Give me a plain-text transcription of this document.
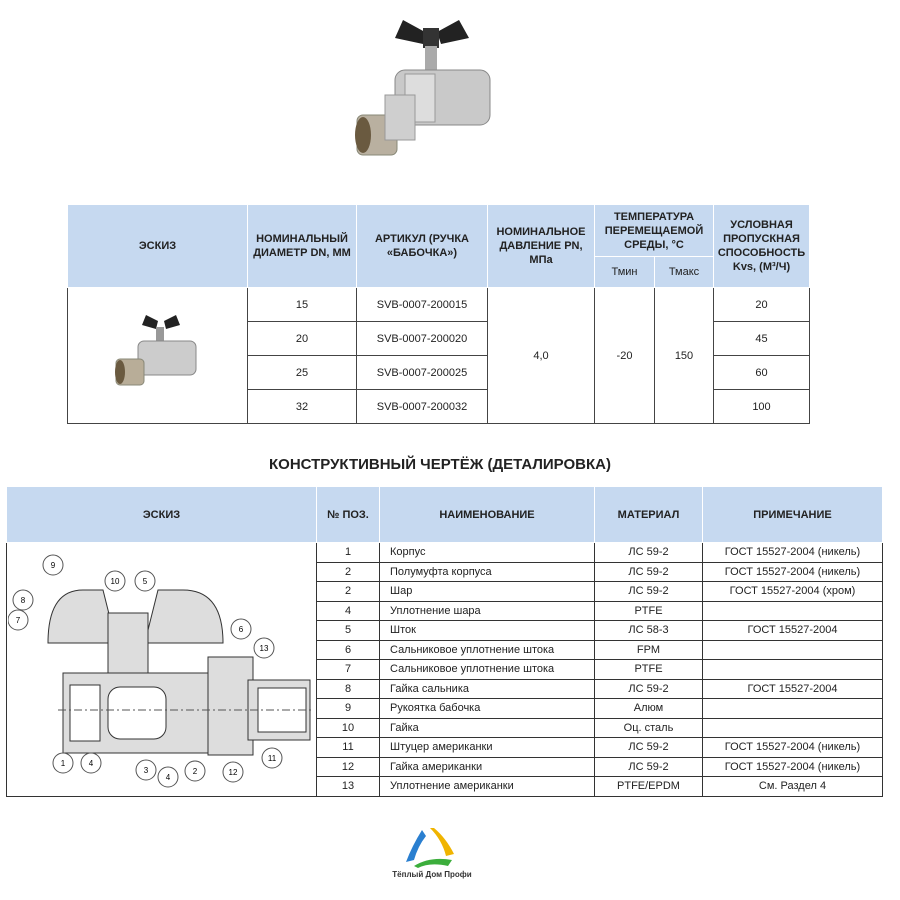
ЭСКИЗ	НОМИНАЛЬНЫЙ ДИАМЕТР DN, ММ	АРТИКУЛ (РУЧКА «БАБОЧКА»)	НОМИНАЛЬНОЕ ДАВЛЕНИЕ PN, МПа	ТЕМПЕРАТУРА ПЕРЕМЕЩАЕМОЙ СРЕДЫ, °С		УСЛОВНАЯ ПРОПУСКНАЯ СПОСОБНОСТЬ Kvs, (М³/Ч)
				Тмин	Тмакс	
	15	SVB-0007-200015	4,0	-20	150	20
	20	SVB-0007-200020				45
	25	SVB-0007-200025				60
	32	SVB-0007-200032				100
КОНСТРУКТИВНЫЙ ЧЕРТЁЖ (ДЕТАЛИРОВКА)
ЭСКИЗ	№ ПОЗ.	НАИМЕНОВАНИЕ	МАТЕРИАЛ	ПРИМЕЧАНИЕ
	1	Корпус	ЛС 59-2	ГОСТ 15527-2004 (никель)
	2	Полумуфта корпуса	ЛС 59-2	ГОСТ 15527-2004 (никель)
	2	Шар	ЛС 59-2	ГОСТ 15527-2004 (хром)
	4	Уплотнение шара	PTFE	
	5	Шток	ЛС 58-3	ГОСТ 15527-2004
	6	Сальниковое уплотнение штока	FPM	
	7	Сальниковое уплотнение штока	PTFE	
	8	Гайка сальника	ЛС 59-2	ГОСТ 15527-2004
	9	Рукоятка бабочка	Алюм	
	10	Гайка	Оц. сталь	
	11	Штуцер американки	ЛС 59-2	ГОСТ 15527-2004 (никель)
	12	Гайка американки	ЛС 59-2	ГОСТ 15527-2004 (никель)
	13	Уплотнение американки	PTFE/EPDM	См. Раздел 4
9
10	5
8
7
6
13
1	4
3
4
2	12
11
Тёплый Дом Профи
